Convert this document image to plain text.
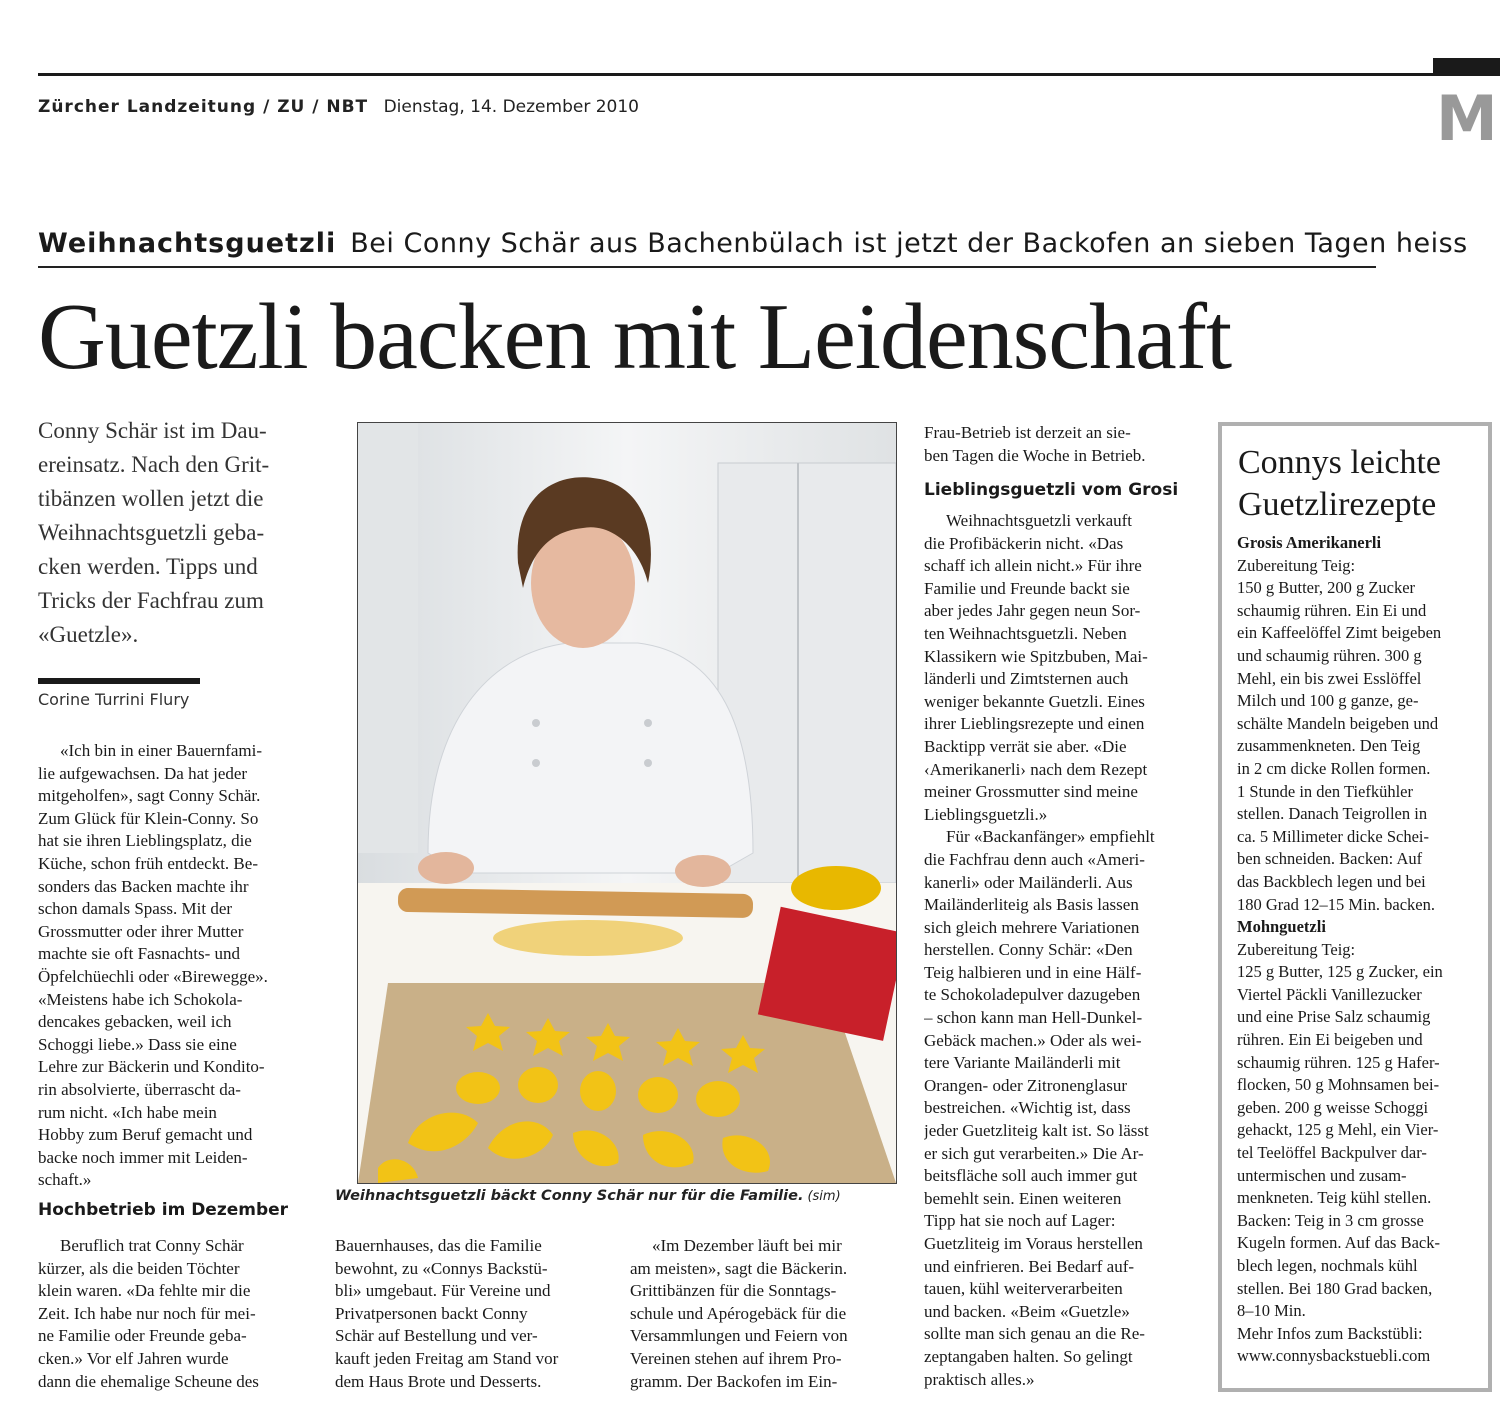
Zürcher Landzeitung / ZU / NBT Dienstag, 14. Dezember 2010	M
Weihnachtsguetzli Bei Conny Schär aus Bachenbülach ist jetzt der Backofen an sieben Tagen heiss
Guetzli backen mit Leidenschaft
Conny Schär ist im Dau-
ereinsatz. Nach den Grit-
tibänzen wollen jetzt die
Weihnachtsguetzli geba-
cken werden. Tipps und
Tricks der Fachfrau zum
«Guetzle».
Corine Turrini Flury
«Ich bin in einer Bauernfami-
lie aufgewachsen. Da hat jeder
mitgeholfen», sagt Conny Schär.
Zum Glück für Klein-Conny. So
hat sie ihren Lieblingsplatz, die
Küche, schon früh entdeckt. Be-
sonders das Backen machte ihr
schon damals Spass. Mit der
Grossmutter oder ihrer Mutter
machte sie oft Fasnachts- und
Öpfelchüechli oder «Birewegge».
«Meistens habe ich Schokola-
dencakes gebacken, weil ich
Schoggi liebe.» Dass sie eine
Lehre zur Bäckerin und Kondito-
rin absolvierte, überrascht da-
rum nicht. «Ich habe mein
Hobby zum Beruf gemacht und
backe noch immer mit Leiden-
schaft.»
Hochbetrieb im Dezember
Beruflich trat Conny Schär
kürzer, als die beiden Töchter
klein waren. «Da fehlte mir die
Zeit. Ich habe nur noch für mei-
ne Familie oder Freunde geba-
cken.» Vor elf Jahren wurde
dann die ehemalige Scheune des
Weihnachtsguetzli bäckt Conny Schär nur für die Familie. (sim)
Bauernhauses, das die Familie
bewohnt, zu «Connys Backstü-
bli» umgebaut. Für Vereine und
Privatpersonen backt Conny
Schär auf Bestellung und ver-
kauft jeden Freitag am Stand vor
dem Haus Brote und Desserts.
«Im Dezember läuft bei mir
am meisten», sagt die Bäckerin.
Grittibänzen für die Sonntags-
schule und Apérogebäck für die
Versammlungen und Feiern von
Vereinen stehen auf ihrem Pro-
gramm. Der Backofen im Ein-
Frau-Betrieb ist derzeit an sie-
ben Tagen die Woche in Betrieb.
Lieblingsguetzli vom Grosi
Weihnachtsguetzli verkauft
die Profibäckerin nicht. «Das
schaff ich allein nicht.» Für ihre
Familie und Freunde backt sie
aber jedes Jahr gegen neun Sor-
ten Weihnachtsguetzli. Neben
Klassikern wie Spitzbuben, Mai-
länderli und Zimtsternen auch
weniger bekannte Guetzli. Eines
ihrer Lieblingsrezepte und einen
Backtipp verrät sie aber. «Die
‹Amerikanerli› nach dem Rezept
meiner Grossmutter sind meine
Lieblingsguetzli.»
Für «Backanfänger» empfiehlt
die Fachfrau denn auch «Ameri-
kanerli» oder Mailänderli. Aus
Mailänderliteig als Basis lassen
sich gleich mehrere Variationen
herstellen. Conny Schär: «Den
Teig halbieren und in eine Hälf-
te Schokoladepulver dazugeben
– schon kann man Hell-Dunkel-
Gebäck machen.» Oder als wei-
tere Variante Mailänderli mit
Orangen- oder Zitronenglasur
bestreichen. «Wichtig ist, dass
jeder Guetzliteig kalt ist. So lässt
er sich gut verarbeiten.» Die Ar-
beitsfläche soll auch immer gut
bemehlt sein. Einen weiteren
Tipp hat sie noch auf Lager:
Guetzliteig im Voraus herstellen
und einfrieren. Bei Bedarf auf-
tauen, kühl weiterverarbeiten
und backen. «Beim «Guetzle»
sollte man sich genau an die Re-
zeptangaben halten. So gelingt
praktisch alles.»
Connys leichte
Guetzlirezepte
Grosis Amerikanerli
Zubereitung Teig:
150 g Butter, 200 g Zucker
schaumig rühren. Ein Ei und
ein Kaffeelöffel Zimt beigeben
und schaumig rühren. 300 g
Mehl, ein bis zwei Esslöffel
Milch und 100 g ganze, ge-
schälte Mandeln beigeben und
zusammenkneten. Den Teig
in 2 cm dicke Rollen formen.
1 Stunde in den Tiefkühler
stellen. Danach Teigrollen in
ca. 5 Millimeter dicke Schei-
ben schneiden. Backen: Auf
das Backblech legen und bei
180 Grad 12–15 Min. backen.
Mohnguetzli
Zubereitung Teig:
125 g Butter, 125 g Zucker, ein
Viertel Päckli Vanillezucker
und eine Prise Salz schaumig
rühren. Ein Ei beigeben und
schaumig rühren. 125 g Hafer-
flocken, 50 g Mohnsamen bei-
geben. 200 g weisse Schoggi
gehackt, 125 g Mehl, ein Vier-
tel Teelöffel Backpulver dar-
untermischen und zusam-
menkneten. Teig kühl stellen.
Backen: Teig in 3 cm grosse
Kugeln formen. Auf das Back-
blech legen, nochmals kühl
stellen. Bei 180 Grad backen,
8–10 Min.
Mehr Infos zum Backstübli:
www.connysbackstuebli.com
